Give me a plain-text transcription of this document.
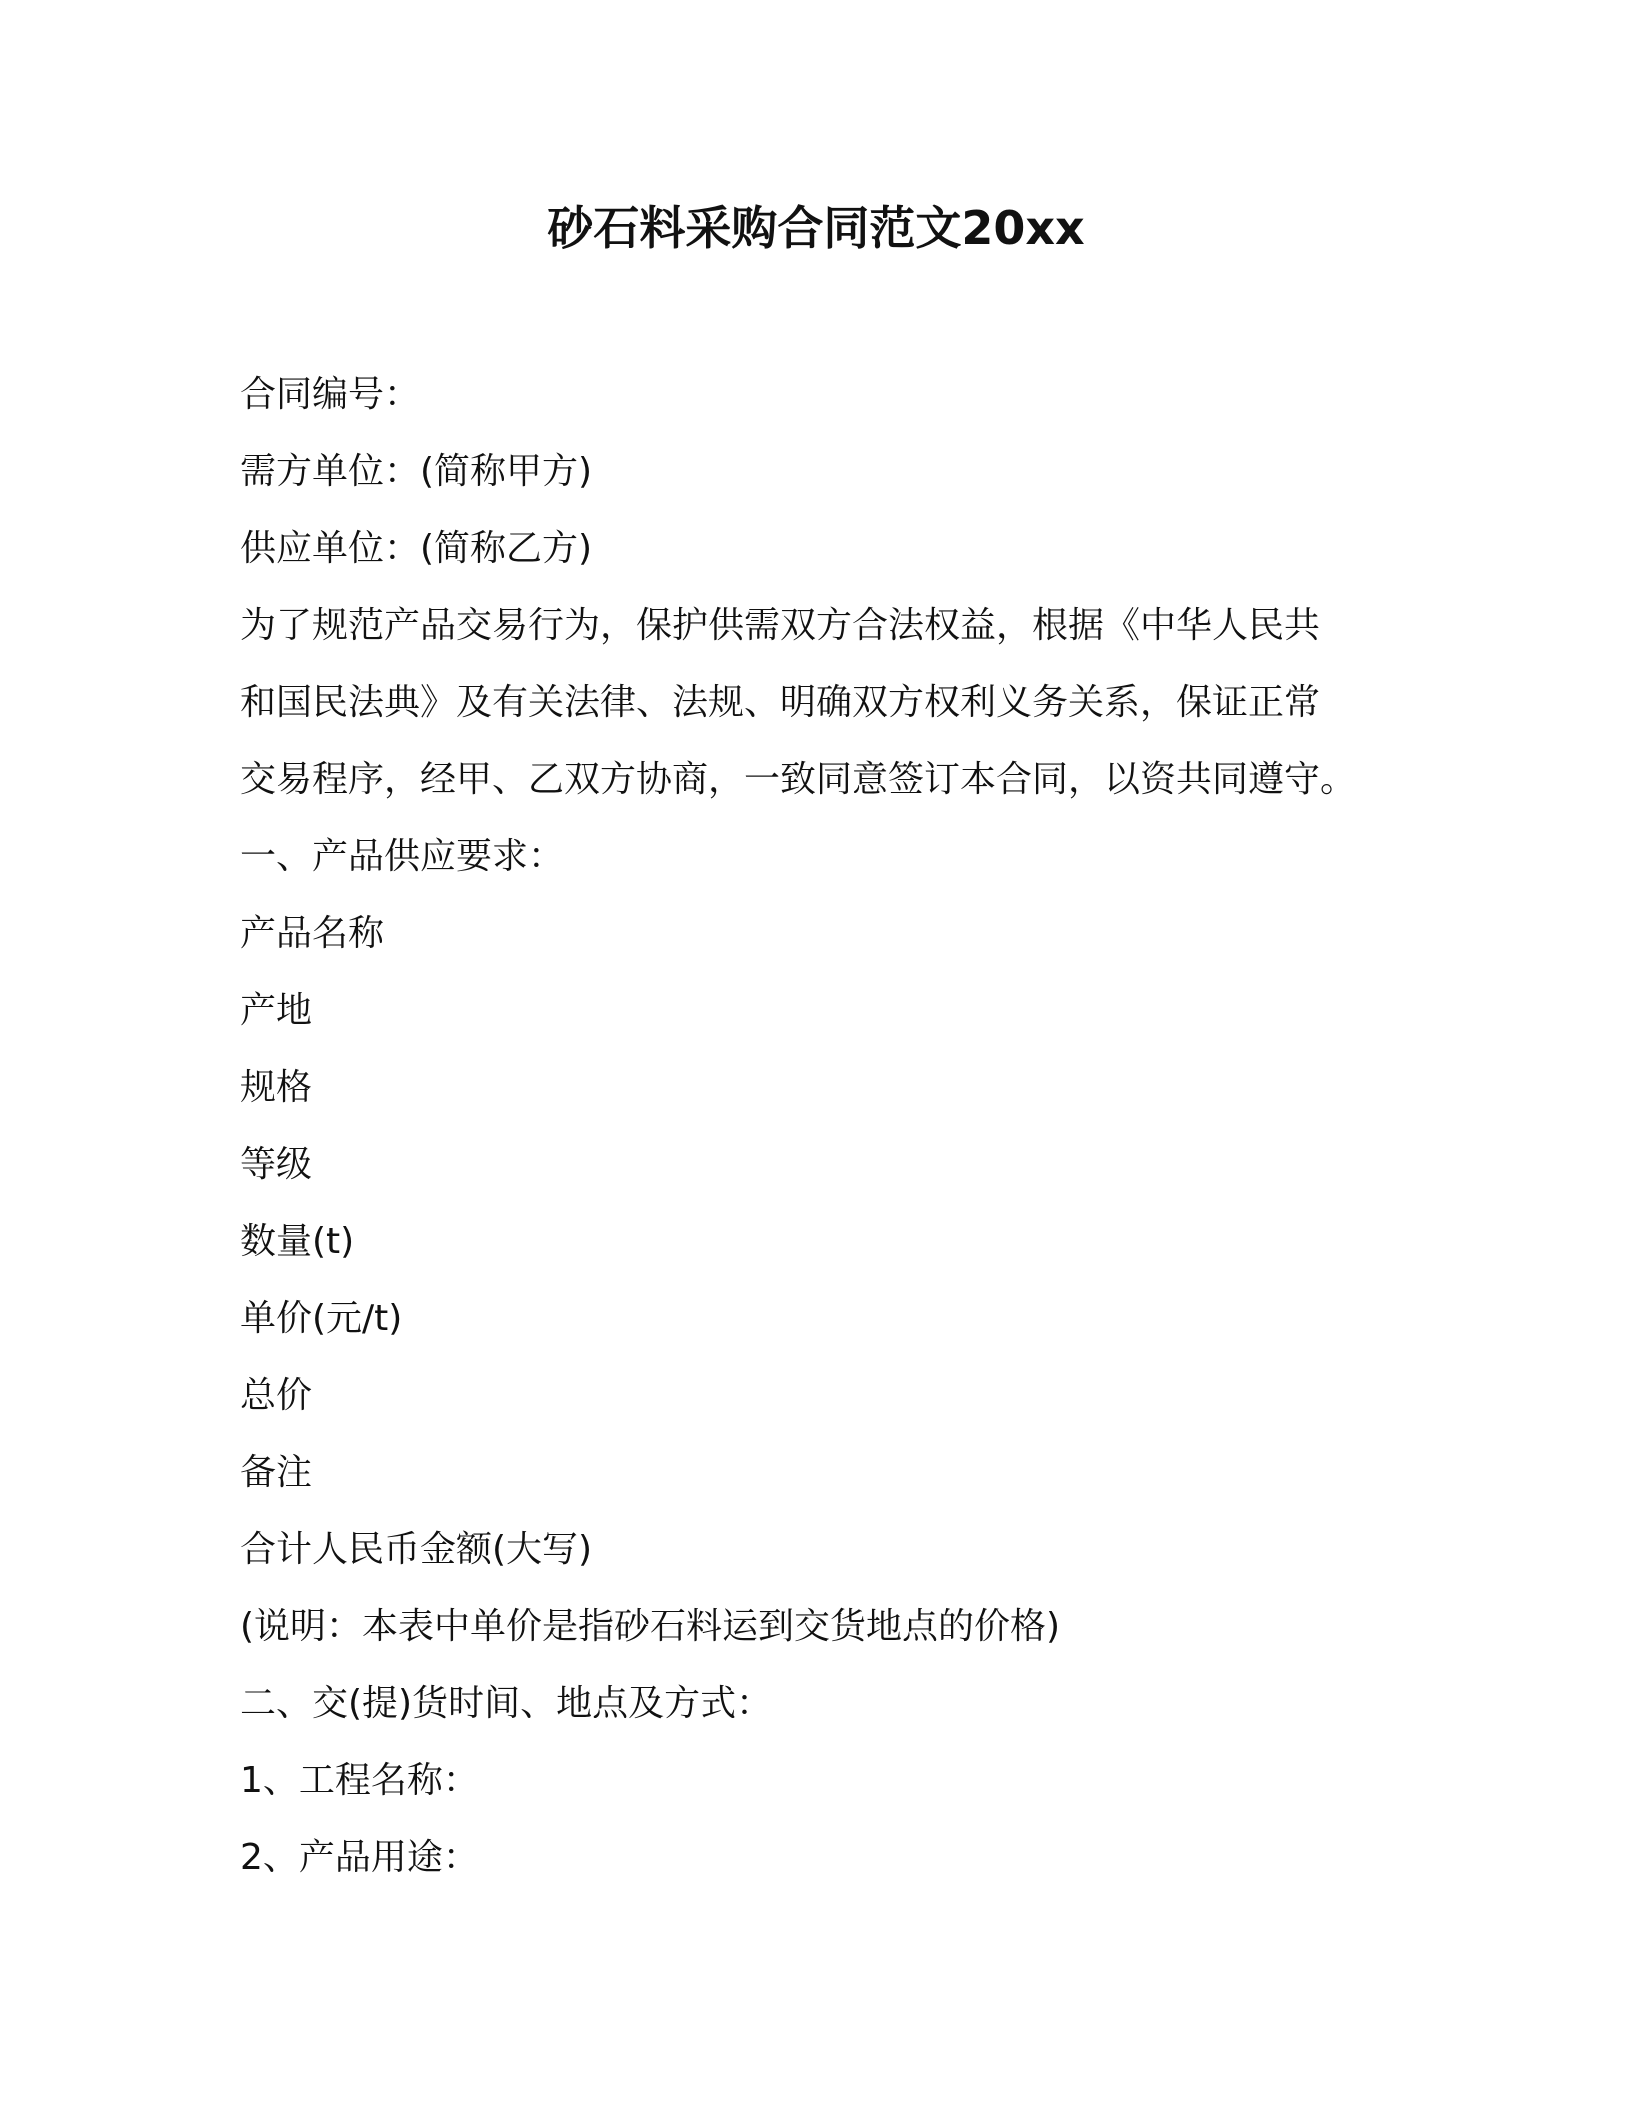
砂石料采购合同范文20xx

合同编号：

需方单位：(简称甲方)

供应单位：(简称乙方)

为了规范产品交易行为，保护供需双方合法权益，根据《中华人民共

和国民法典》及有关法律、法规、明确双方权利义务关系，保证正常

交易程序，经甲、乙双方协商，一致同意签订本合同，以资共同遵守。

一、产品供应要求：

产品名称

产地

规格

等级

数量(t)

单价(元/t)

总价

备注

合计人民币金额(大写)

(说明：本表中单价是指砂石料运到交货地点的价格)

二、交(提)货时间、地点及方式：

1、工程名称：

2、产品用途：
